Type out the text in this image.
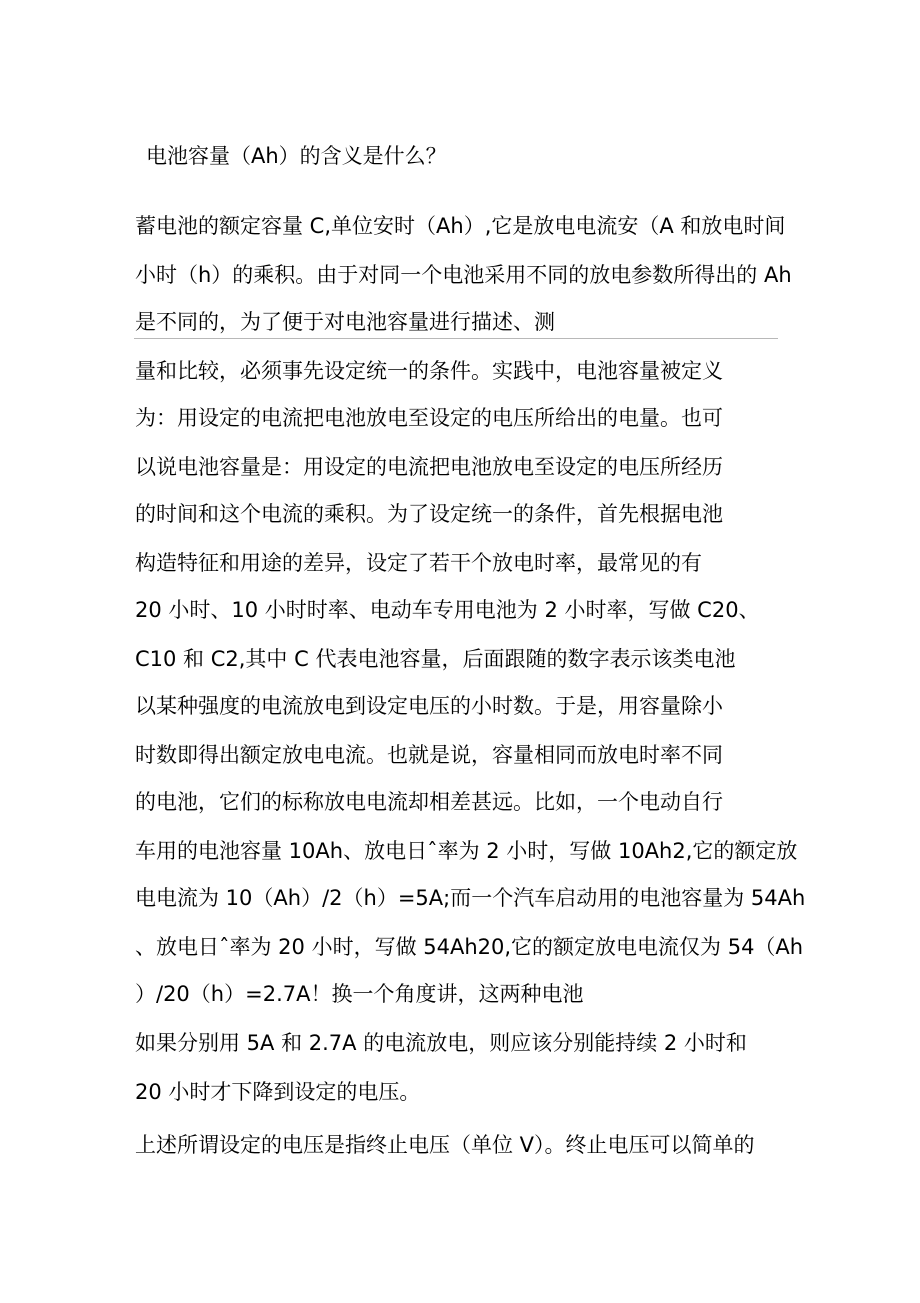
电池容量（Ah）的含义是什么？
蓄电池的额定容量 C,单位安时（Ah）,它是放电电流安（A 和放电时间
小时（h）的乘积。由于对同一个电池采用不同的放电参数所得出的 Ah
是不同的，为了便于对电池容量进行描述、测
量和比较，必须事先设定统一的条件。实践中，电池容量被定义
为：用设定的电流把电池放电至设定的电压所给出的电量。也可
以说电池容量是：用设定的电流把电池放电至设定的电压所经历
的时间和这个电流的乘积。为了设定统一的条件，首先根据电池
构造特征和用途的差异，设定了若干个放电时率，最常见的有
20 小时、10 小时时率、电动车专用电池为 2 小时率，写做 C20、
C10 和 C2,其中 C 代表电池容量，后面跟随的数字表示该类电池
以某种强度的电流放电到设定电压的小时数。于是，用容量除小
时数即得出额定放电电流。也就是说，容量相同而放电时率不同
的电池，它们的标称放电电流却相差甚远。比如，一个电动自行
车用的电池容量 10Ah、放电日ˆ率为 2 小时，写做 10Ah2,它的额定放
电电流为 10（Ah）/2（h）=5A;而一个汽车启动用的电池容量为 54Ah
、放电日ˆ率为 20 小时，写做 54Ah20,它的额定放电电流仅为 54（Ah
）/20（h）=2.7A！换一个角度讲，这两种电池
如果分别用 5A 和 2.7A 的电流放电，则应该分别能持续 2 小时和
20 小时才下降到设定的电压。
上述所谓设定的电压是指终止电压（单位 V）。终止电压可以简单的
